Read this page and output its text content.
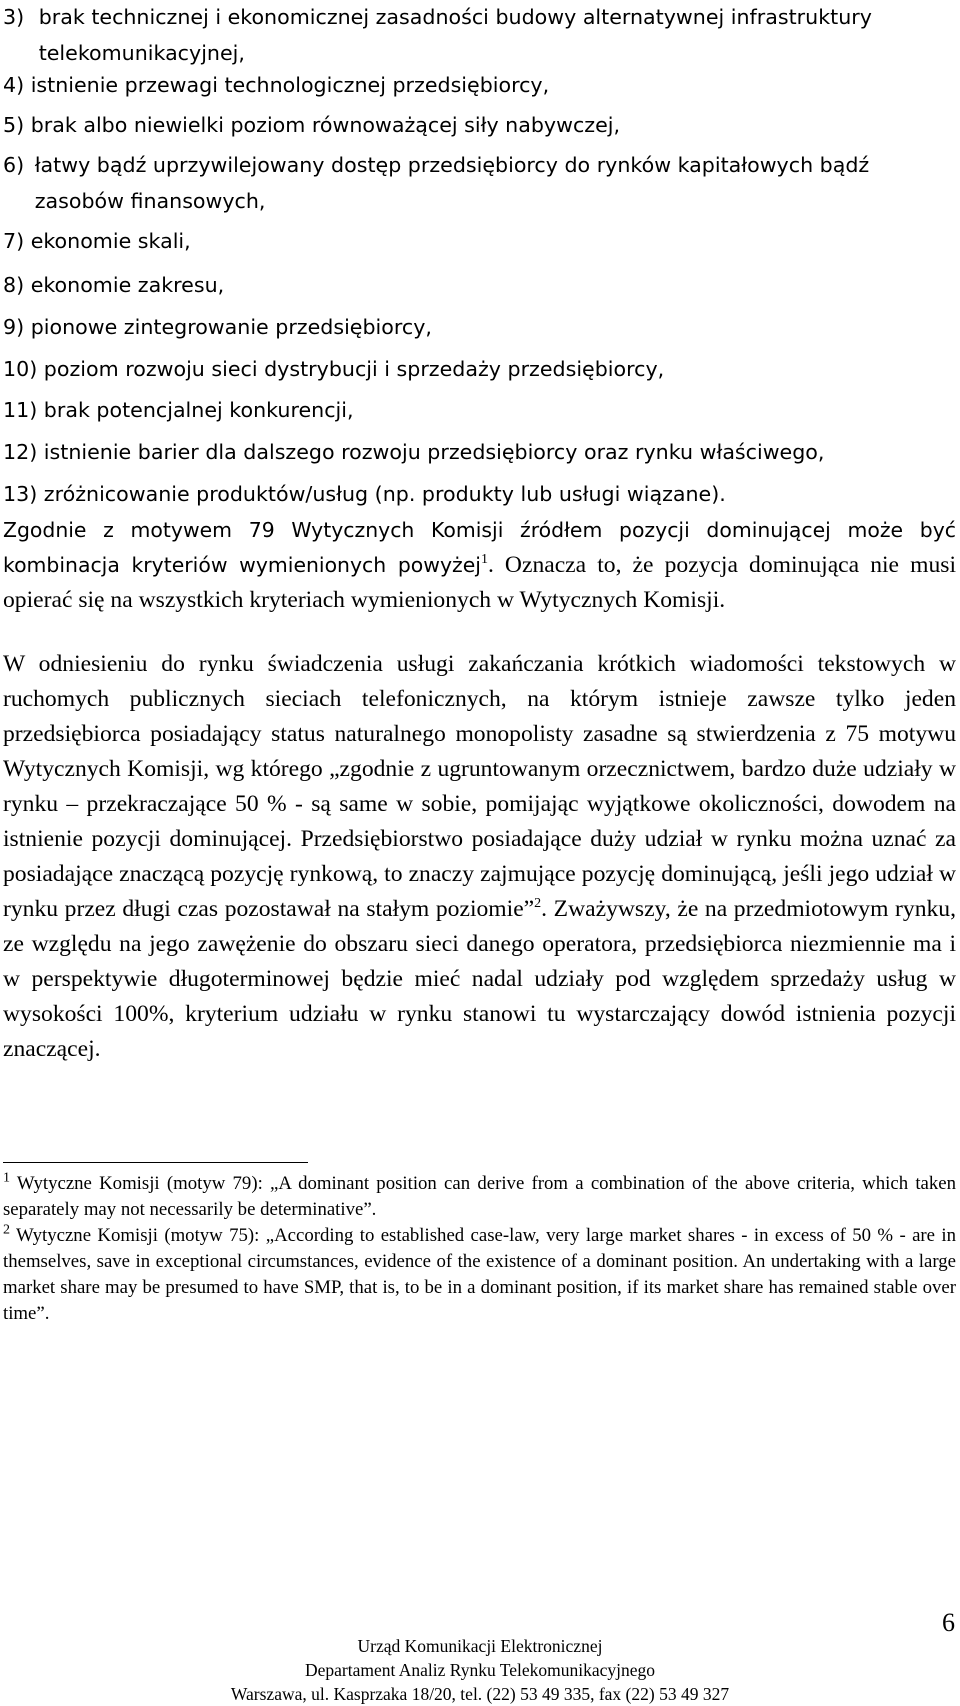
3) brak technicznej i ekonomicznej zasadności budowy alternatywnej infrastruktury telekomunikacyjnej,
4) istnienie przewagi technologicznej przedsiębiorcy,
5) brak albo niewielki poziom równoważącej siły nabywczej,
6) łatwy bądź uprzywilejowany dostęp przedsiębiorcy do rynków kapitałowych bądź zasobów finansowych,
7) ekonomie skali,
8) ekonomie zakresu,
9) pionowe zintegrowanie przedsiębiorcy,
10) poziom rozwoju sieci dystrybucji i sprzedaży przedsiębiorcy,
11) brak potencjalnej konkurencji,
12) istnienie barier dla dalszego rozwoju przedsiębiorcy oraz rynku właściwego,
13) zróżnicowanie produktów/usług (np. produkty lub usługi wiązane).

Zgodnie z motywem 79 Wytycznych Komisji źródłem pozycji dominującej może być kombinacja kryteriów wymienionych powyżej$^1$. Oznacza to, że pozycja dominująca nie musi opierać się na wszystkich kryteriach wymienionych w Wytycznych Komisji.

W odniesieniu do rynku świadczenia usługi zakańczania krótkich wiadomości tekstowych w ruchomych publicznych sieciach telefonicznych, na którym istnieje zawsze tylko jeden przedsiębiorca posiadający status naturalnego monopolisty zasadne są stwierdzenia z 75 motywu Wytycznych Komisji, wg którego „zgodnie z ugruntowanym orzecznictwem, bardzo duże udziały w rynku – przekraczające 50 % - są same w sobie, pomijając wyjątkowe okoliczności, dowodem na istnienie pozycji dominującej. Przedsiębiorstwo posiadające duży udział w rynku można uznać za posiadające znaczącą pozycję rynkową, to znaczy zajmujące pozycję dominującą, jeśli jego udział w rynku przez długi czas pozostawał na stałym poziomie”$^2$. Zważywszy, że na przedmiotowym rynku, ze względu na jego zawężenie do obszaru sieci danego operatora, przedsiębiorca niezmiennie ma i w perspektywie długoterminowej będzie mieć nadal udziały pod względem sprzedaży usług w wysokości 100%, kryterium udziału w rynku stanowi tu wystarczający dowód istnienia pozycji znaczącej.

$^1$ Wytyczne Komisji (motyw 79): „A dominant position can derive from a combination of the above criteria, which taken separately may not necessarily be determinative”.

$^2$ Wytyczne Komisji (motyw 75): „According to established case-law, very large market shares - in excess of 50 % - are in themselves, save in exceptional circumstances, evidence of the existence of a dominant position. An undertaking with a large market share may be presumed to have SMP, that is, to be in a dominant position, if its market share has remained stable over time”.

6
Urząd Komunikacji Elektronicznej
Departament Analiz Rynku Telekomunikacyjnego
Warszawa, ul. Kasprzaka 18/20, tel. (22) 53 49 335, fax (22) 53 49 327
